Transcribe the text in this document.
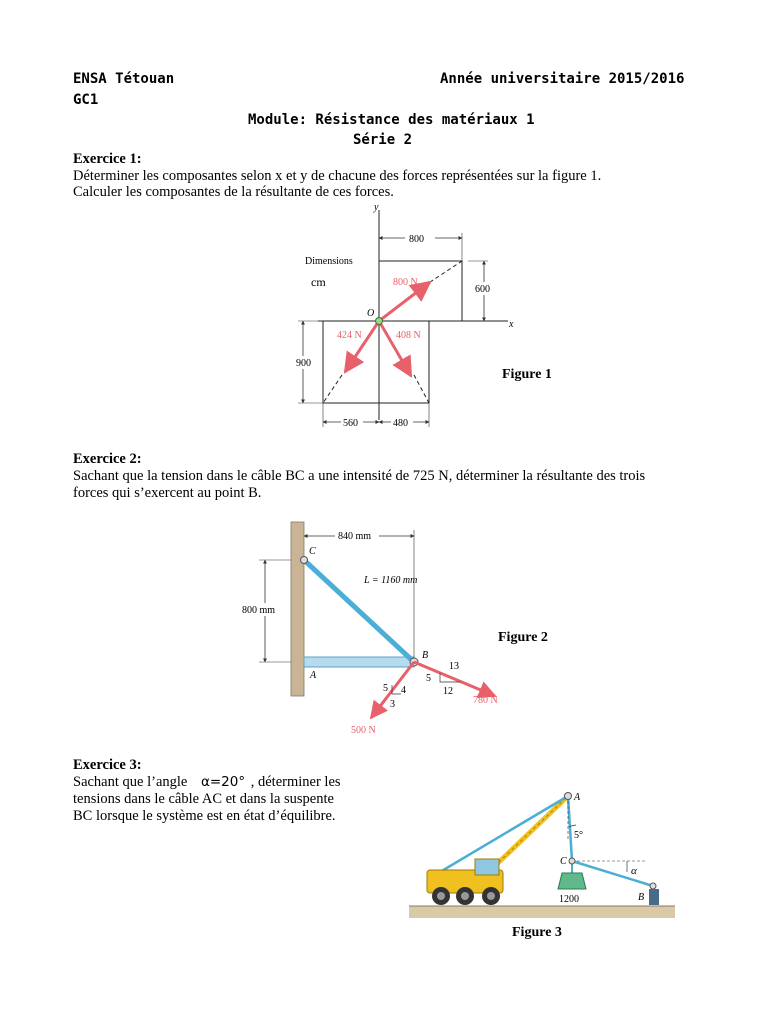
ENSA Tétouan	Année universitaire 2015/2016
GC1
Module: Résistance des matériaux 1
Série 2
Exercice 1:
Déterminer les composantes selon x et y de chacune des forces représentées sur la figure 1.
Calculer les composantes de la résultante de ces forces.
y
x
O
800 N
424 N	408 N
Dimensions
cm
800
600
900
560	480
Figure 1
Exercice 2:
Sachant que la tension dans le câble BC a une intensité de 725 N, déterminer la résultante des trois
forces qui s’exercent au point B.
840 mm
800 mm
L = 1160 mm
C
A
B
13
5
12
780 N
5 4
3
500 N
Figure 2
Exercice 3:
Sachant que l’angle α=20° , déterminer les
tensions dans le câble AC et dans la suspente
BC lorsque le système est en état d’équilibre.
A
C
B
5°
α
1200
Figure 3
